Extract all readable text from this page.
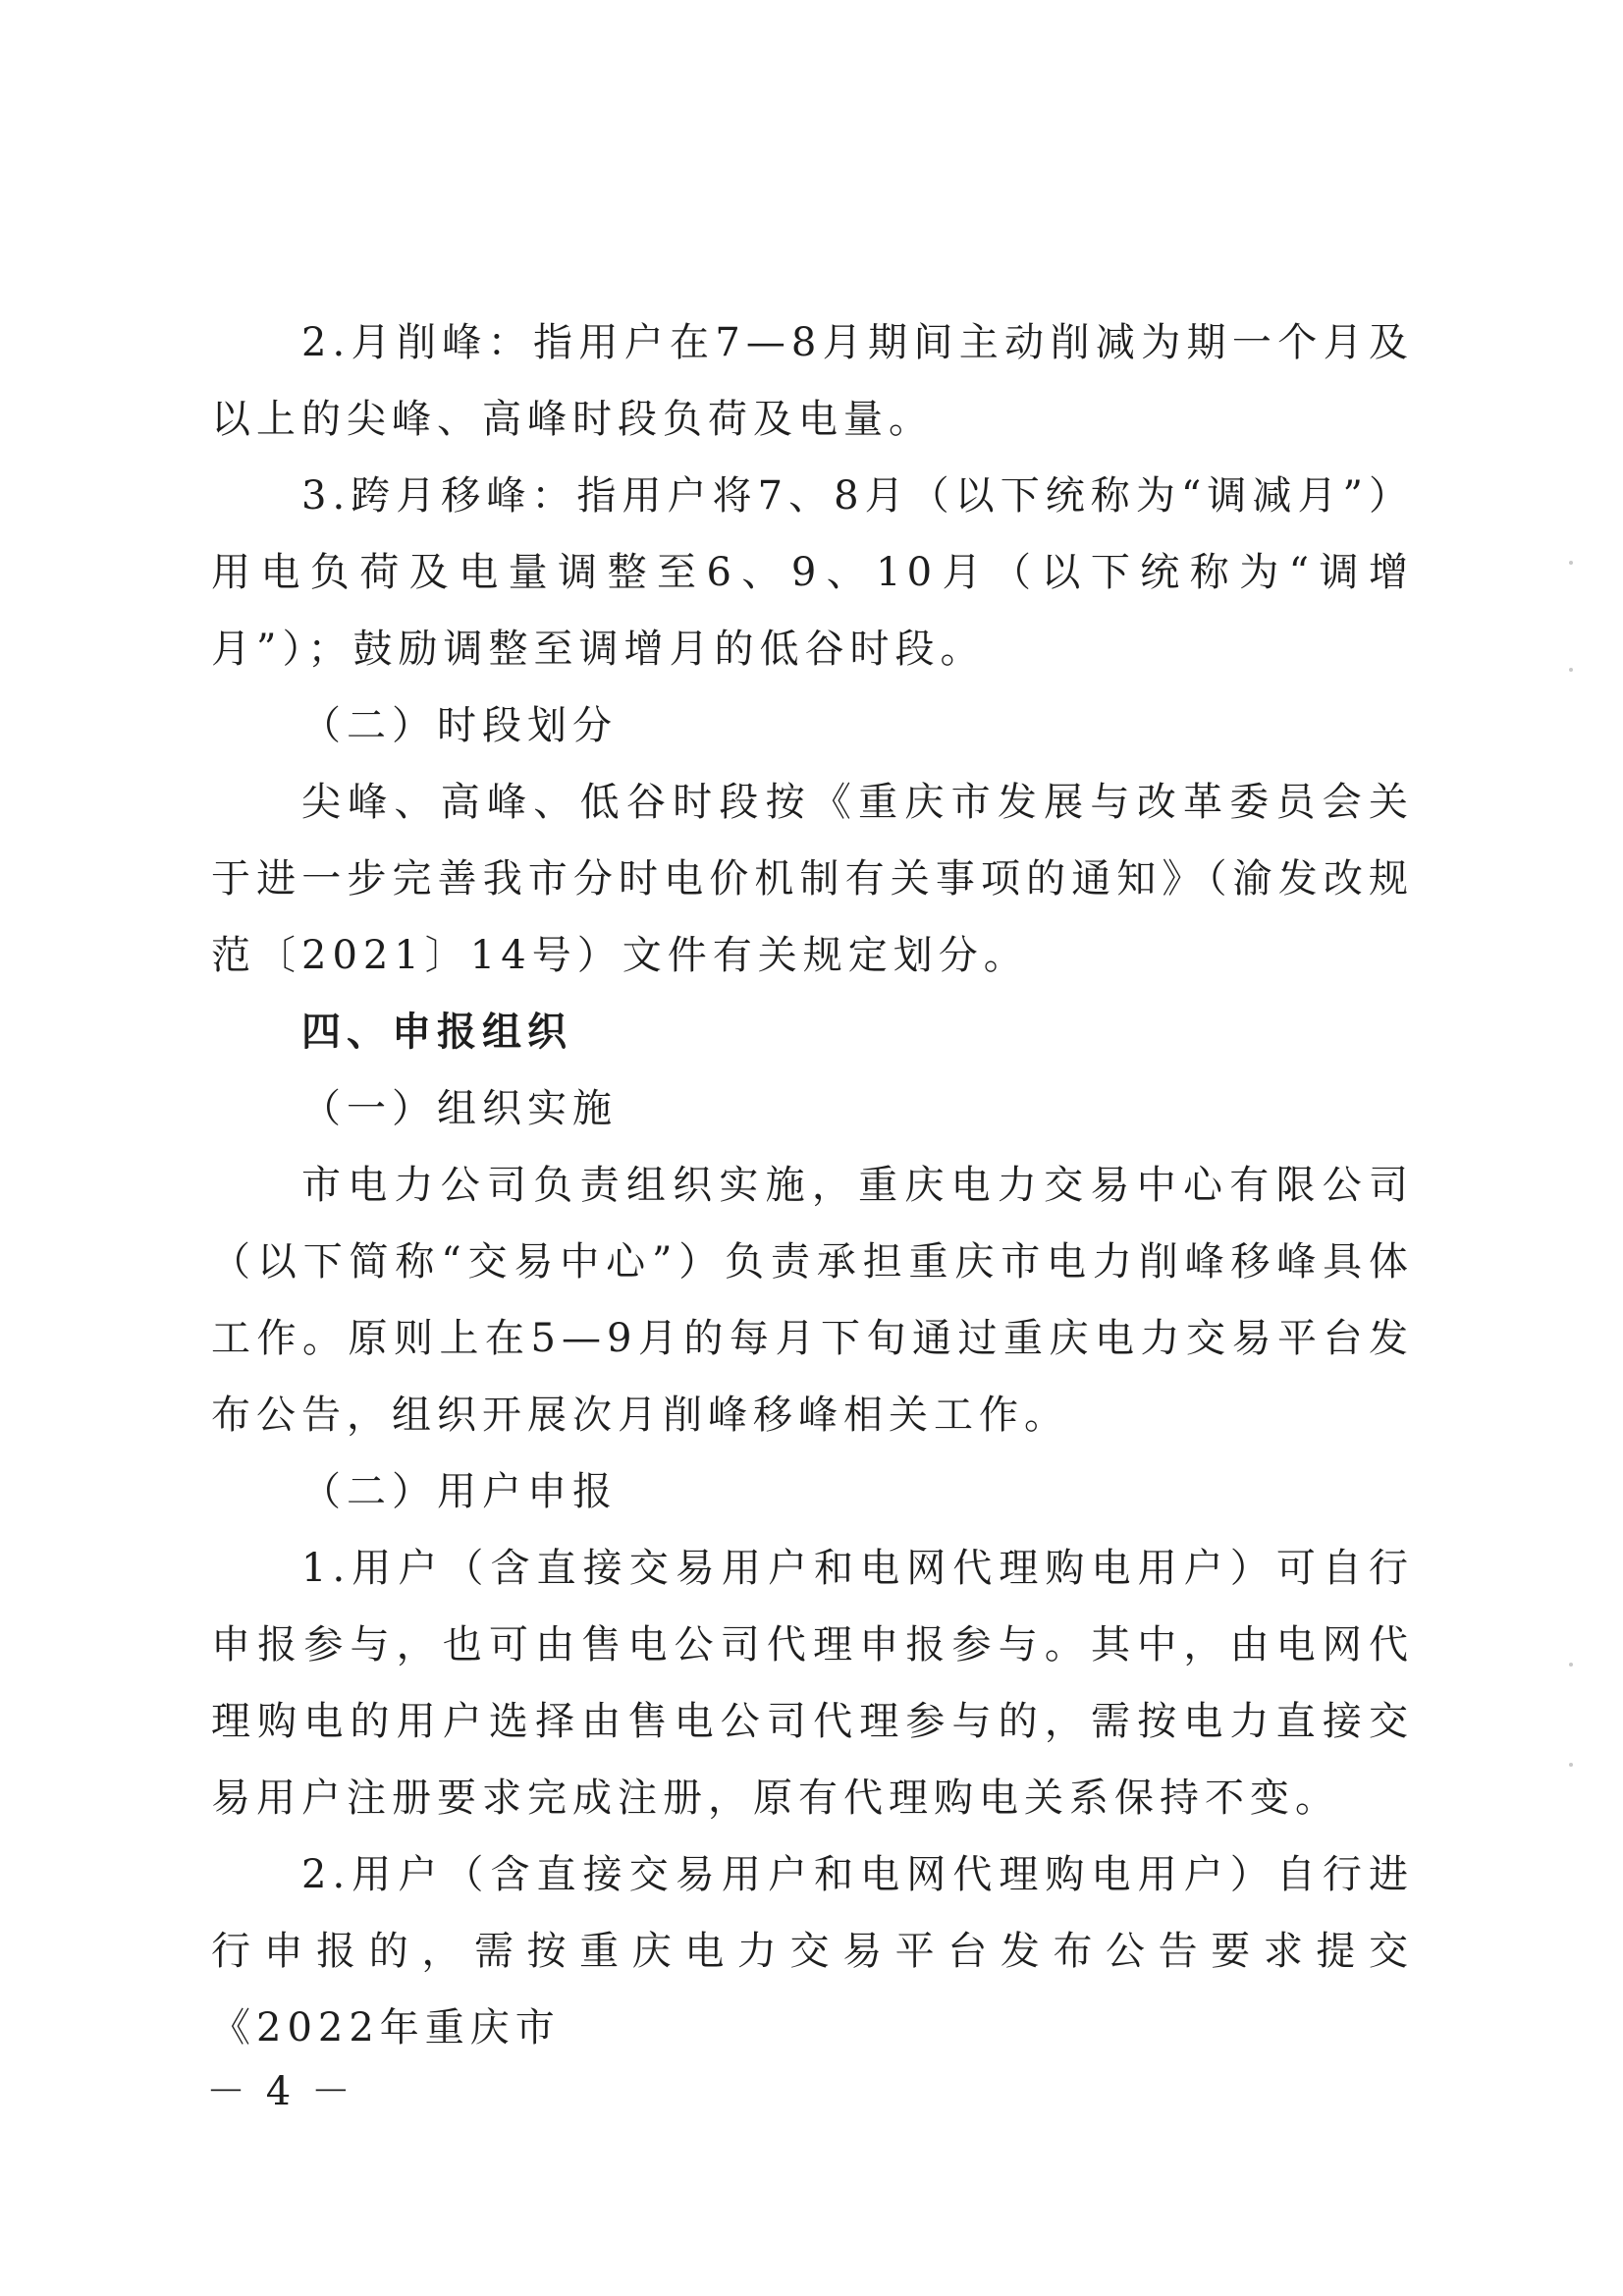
2.月削峰：指用户在7—8月期间主动削减为期一个月及以上的尖峰、高峰时段负荷及电量。

3.跨月移峰：指用户将7、8月（以下统称为“调减月”）用电负荷及电量调整至6、9、10月（以下统称为“调增月”）；鼓励调整至调增月的低谷时段。

（二）时段划分

尖峰、高峰、低谷时段按《重庆市发展与改革委员会关于进一步完善我市分时电价机制有关事项的通知》（渝发改规范〔2021〕14号）文件有关规定划分。

四、申报组织

（一）组织实施

市电力公司负责组织实施，重庆电力交易中心有限公司（以下简称“交易中心”）负责承担重庆市电力削峰移峰具体工作。原则上在5—9月的每月下旬通过重庆电力交易平台发布公告，组织开展次月削峰移峰相关工作。

（二）用户申报

1.用户（含直接交易用户和电网代理购电用户）可自行申报参与，也可由售电公司代理申报参与。其中，由电网代理购电的用户选择由售电公司代理参与的，需按电力直接交易用户注册要求完成注册，原有代理购电关系保持不变。

2.用户（含直接交易用户和电网代理购电用户）自行进行申报的，需按重庆电力交易平台发布公告要求提交《2022年重庆市

－ 4 －
